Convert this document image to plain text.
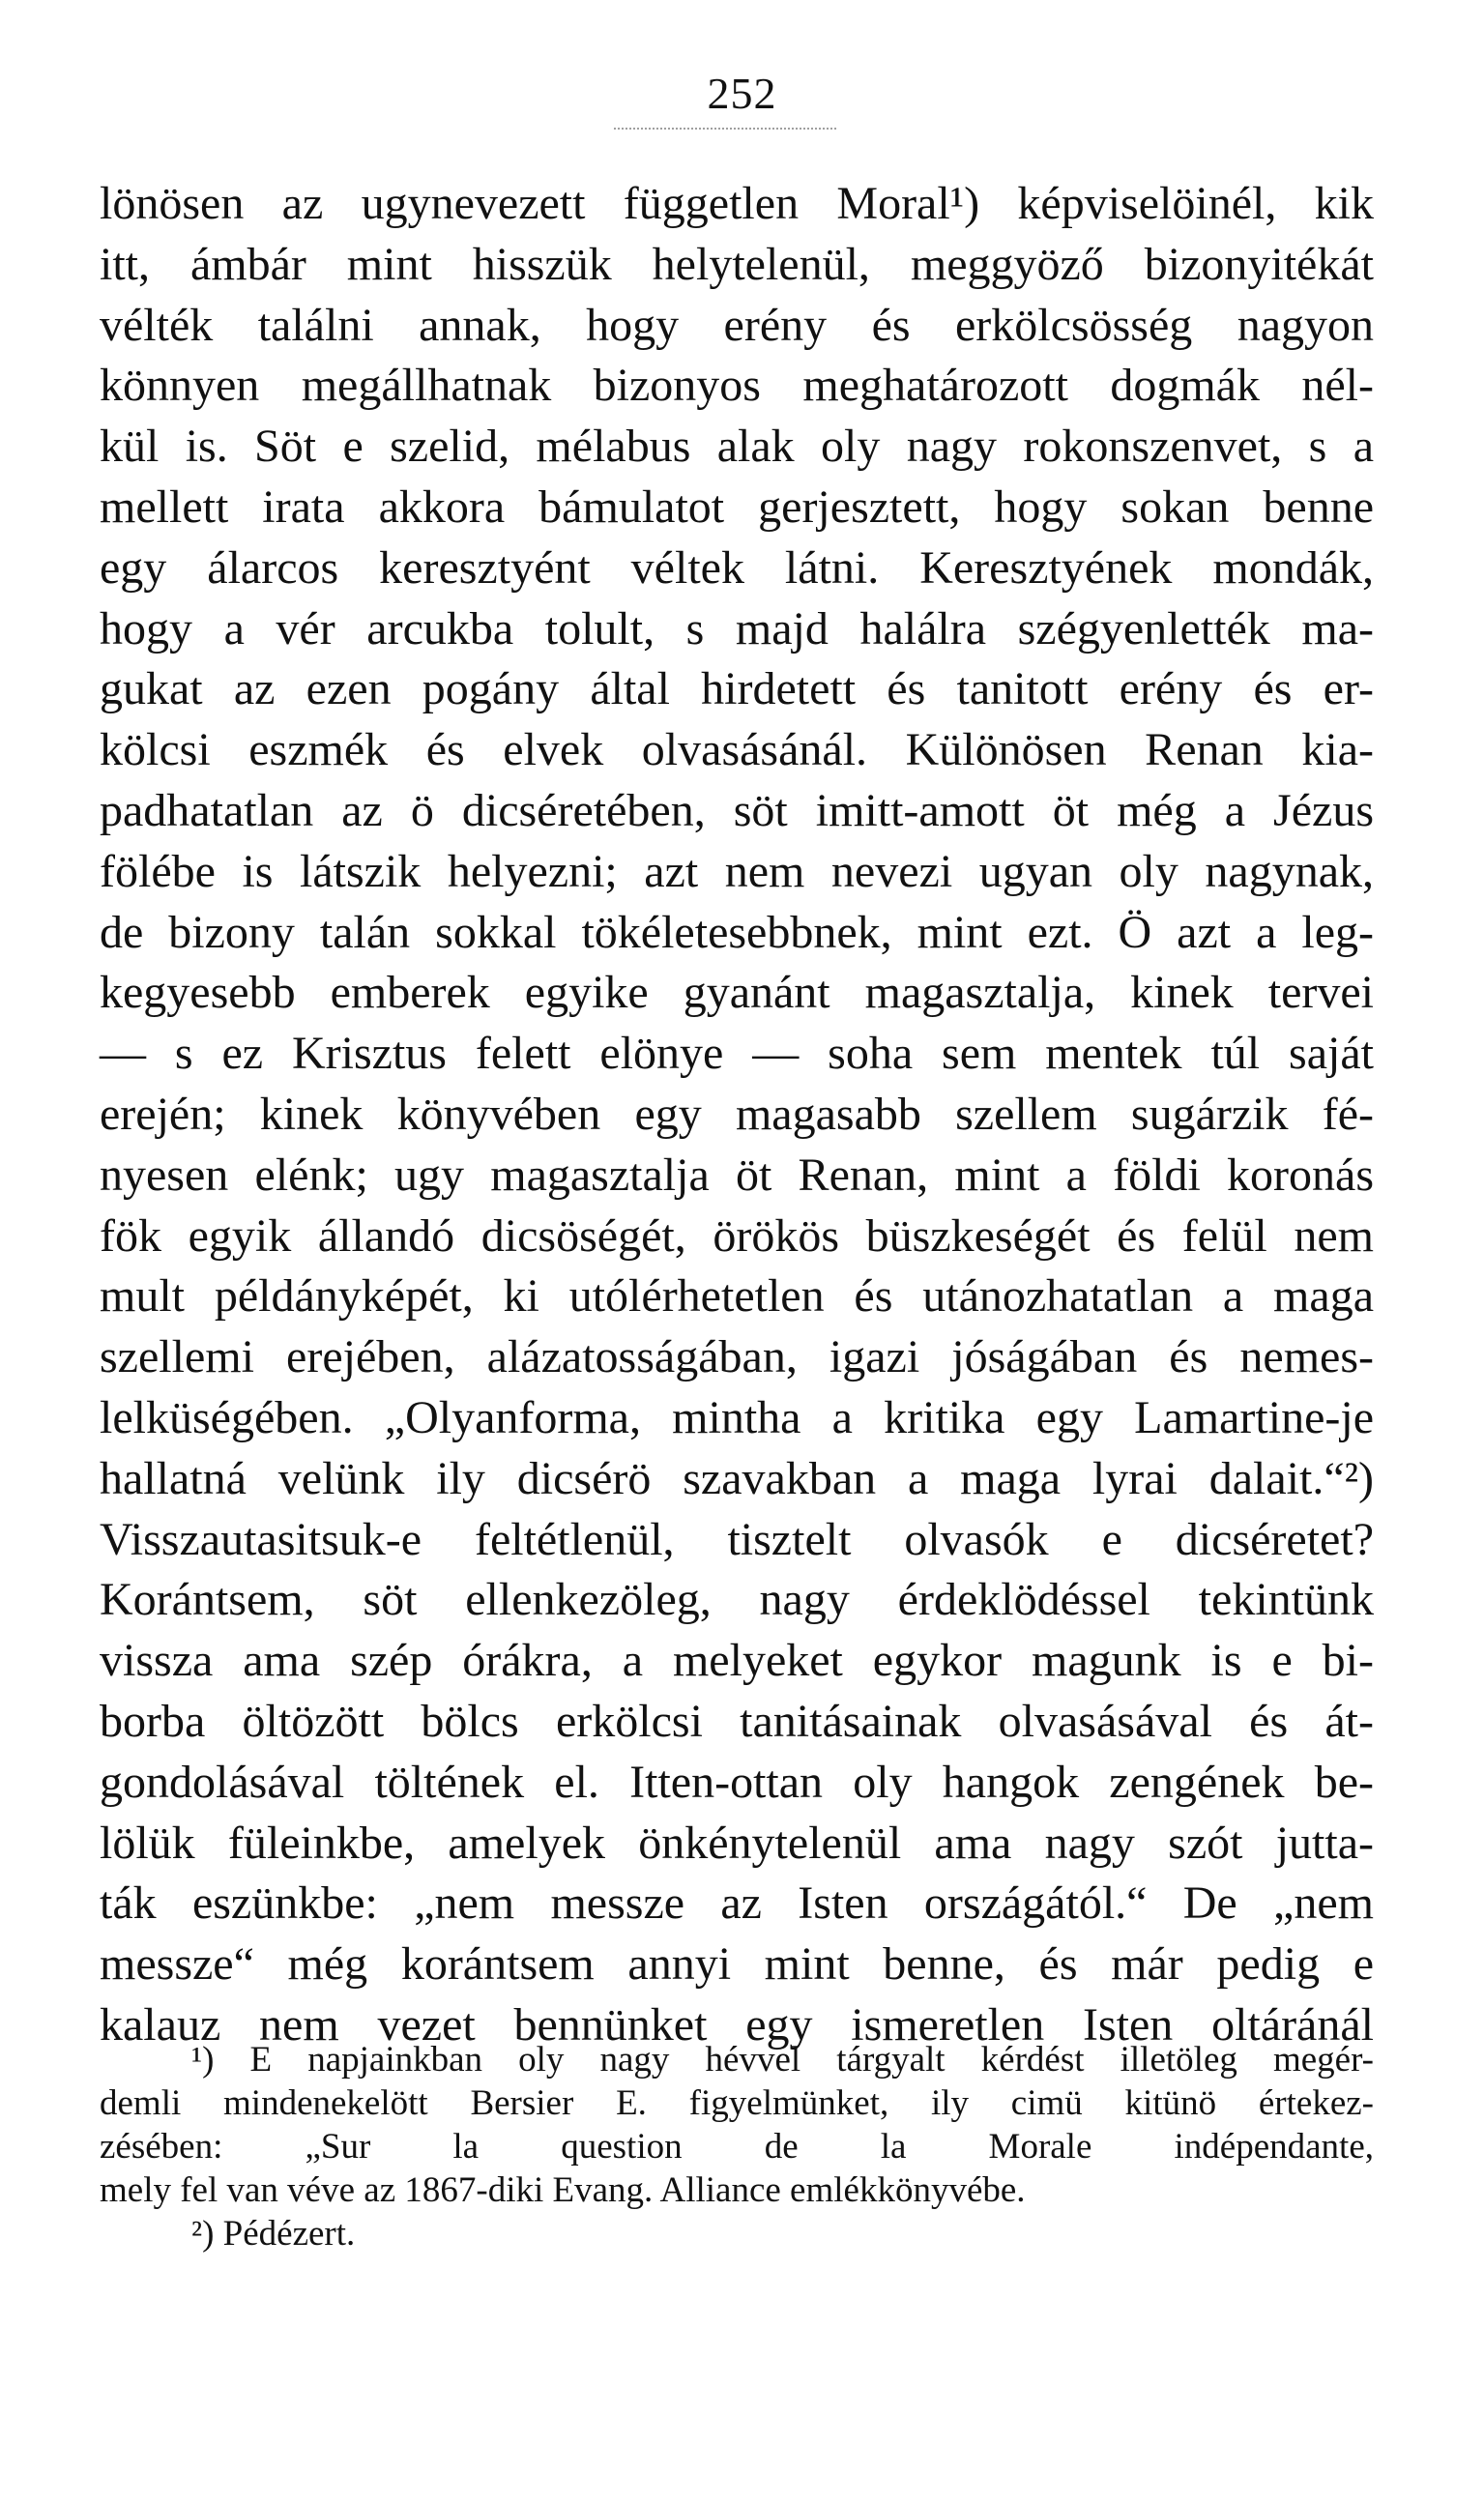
252
lönösen az ugynevezett független Moral¹) képviselöinél, kik
itt, ámbár mint hisszük helytelenül, meggyöző bizonyitékát
vélték találni annak, hogy erény és erkölcsösség nagyon
könnyen megállhatnak bizonyos meghatározott dogmák nél-
kül is. Söt e szelid, mélabus alak oly nagy rokonszenvet, s a
mellett irata akkora bámulatot gerjesztett, hogy sokan benne
egy álarcos keresztyént véltek látni. Keresztyének mondák,
hogy a vér arcukba tolult, s majd halálra szégyenlették ma-
gukat az ezen pogány által hirdetett és tanitott erény és er-
kölcsi eszmék és elvek olvasásánál. Különösen Renan kia-
padhatatlan az ö dicséretében, söt imitt-amott öt még a Jézus
fölébe is látszik helyezni; azt nem nevezi ugyan oly nagynak,
de bizony talán sokkal tökéletesebbnek, mint ezt. Ö azt a leg-
kegyesebb emberek egyike gyanánt magasztalja, kinek tervei
— s ez Krisztus felett elönye — soha sem mentek túl saját
erején; kinek könyvében egy magasabb szellem sugárzik fé-
nyesen elénk; ugy magasztalja öt Renan, mint a földi koronás
fök egyik állandó dicsöségét, örökös büszkeségét és felül nem
mult példányképét, ki utólérhetetlen és utánozhatatlan a maga
szellemi erejében, alázatosságában, igazi jóságában és nemes-
lelküségében. „Olyanforma, mintha a kritika egy Lamartine-je
hallatná velünk ily dicsérö szavakban a maga lyrai dalait.“²)
Visszautasitsuk-e feltétlenül, tisztelt olvasók e dicséretet?
Korántsem, söt ellenkezöleg, nagy érdeklödéssel tekintünk
vissza ama szép órákra, a melyeket egykor magunk is e bi-
borba öltözött bölcs erkölcsi tanitásainak olvasásával és át-
gondolásával töltének el. Itten-ottan oly hangok zengének be-
lölük füleinkbe, amelyek önkénytelenül ama nagy szót jutta-
ták eszünkbe: „nem messze az Isten országától.“ De „nem
messze“ még korántsem annyi mint benne, és már pedig e
kalauz nem vezet bennünket egy ismeretlen Isten oltáránál
¹) E napjainkban oly nagy hévvel tárgyalt kérdést illetöleg megér-
demli mindenekelött Bersier E. figyelmünket, ily cimü kitünö értekez-
zésében: „Sur la question de la Morale indépendante,
mely fel van véve az 1867-diki Evang. Alliance emlékkönyvébe.
²) Pédézert.
